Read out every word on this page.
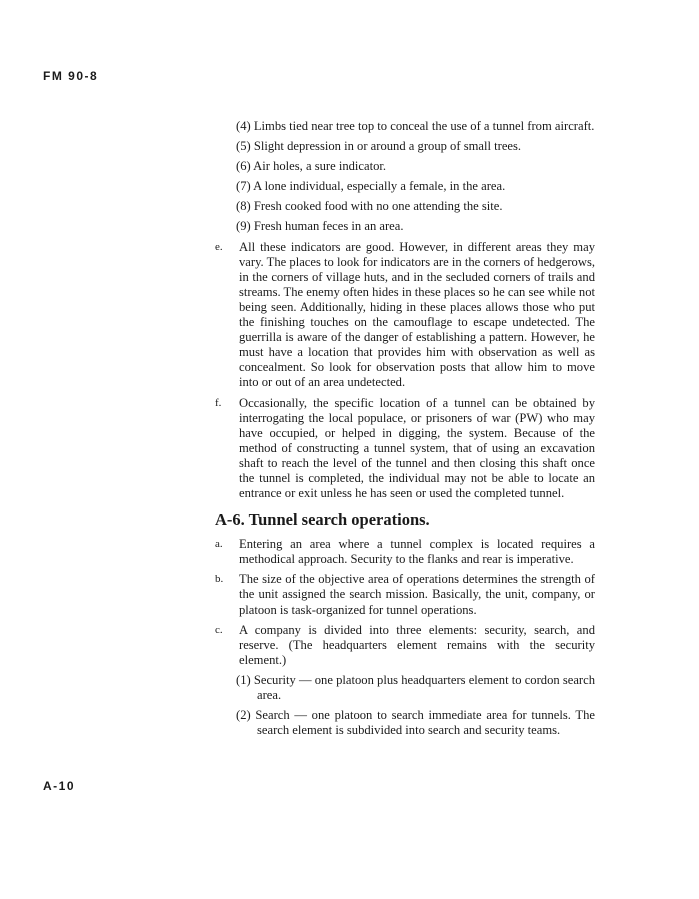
FM 90-8
(4) Limbs tied near tree top to conceal the use of a tunnel from aircraft.
(5) Slight depression in or around a group of small trees.
(6) Air holes, a sure indicator.
(7) A lone individual, especially a female, in the area.
(8) Fresh cooked food with no one attending the site.
(9) Fresh human feces in an area.
e. All these indicators are good. However, in different areas they may vary. The places to look for indicators are in the corners of hedgerows, in the corners of village huts, and in the secluded corners of trails and streams. The enemy often hides in these places so he can see while not being seen. Additionally, hiding in these places allows those who put the finishing touches on the camouflage to escape undetected. The guerrilla is aware of the danger of establishing a pattern. However, he must have a location that provides him with observation as well as concealment. So look for observation posts that allow him to move into or out of an area undetected.
f. Occasionally, the specific location of a tunnel can be obtained by interrogating the local populace, or prisoners of war (PW) who may have occupied, or helped in digging, the system. Because of the method of constructing a tunnel system, that of using an excavation shaft to reach the level of the tunnel and then closing this shaft once the tunnel is completed, the individual may not be able to locate an entrance or exit unless he has seen or used the completed tunnel.
A-6. Tunnel search operations.
a. Entering an area where a tunnel complex is located requires a methodical approach. Security to the flanks and rear is imperative.
b. The size of the objective area of operations determines the strength of the unit assigned the search mission. Basically, the unit, company, or platoon is task-organized for tunnel operations.
c. A company is divided into three elements: security, search, and reserve. (The headquarters element remains with the security element.)
(1) Security — one platoon plus headquarters element to cordon search area.
(2) Search — one platoon to search immediate area for tunnels. The search element is subdivided into search and security teams.
A-10
